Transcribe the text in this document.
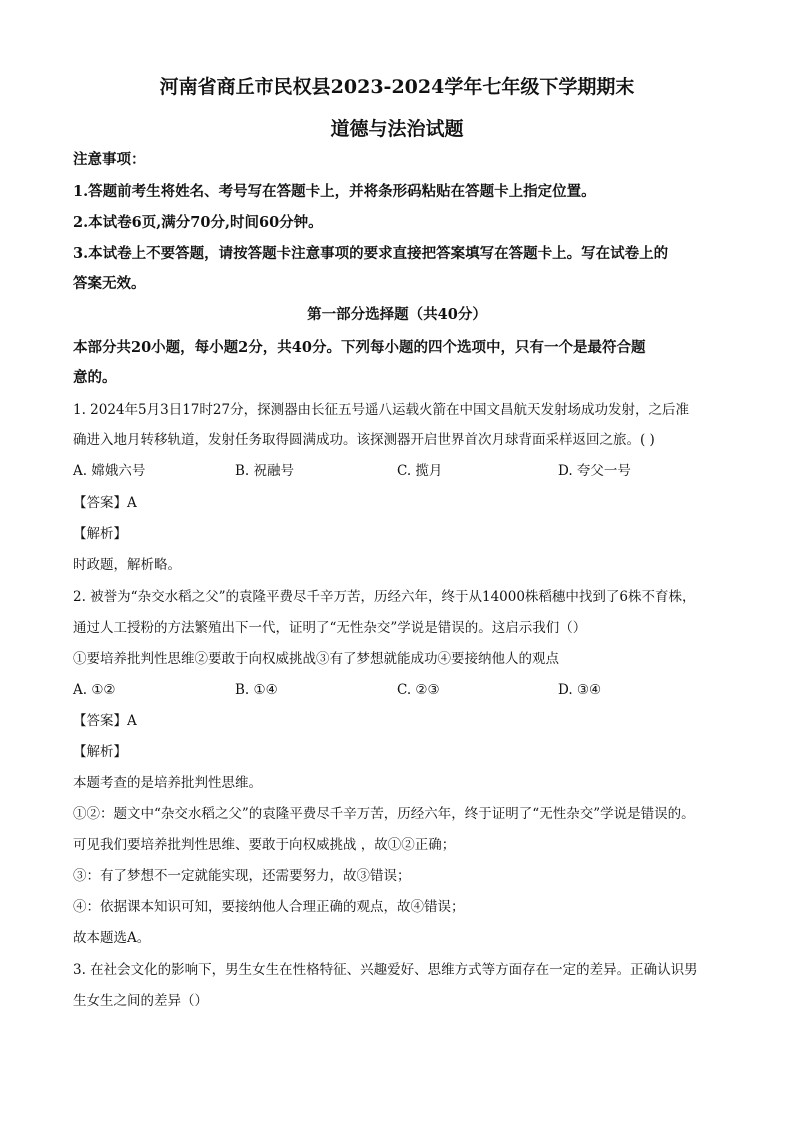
河南省商丘市民权县2023-2024学年七年级下学期期末
道德与法治试题
注意事项：
1.答题前考生将姓名、考号写在答题卡上，并将条形码粘贴在答题卡上指定位置。
2.本试卷6页,满分70分,时间60分钟。
3.本试卷上不要答题，请按答题卡注意事项的要求直接把答案填写在答题卡上。写在试卷上的
答案无效。
第一部分选择题（共40分）
本部分共20小题，每小题2分，共40分。下列每小题的四个选项中，只有一个是最符合题
意的。
1. 2024年5月3日17时27分，探测器由长征五号遥八运载火箭在中国文昌航天发射场成功发射，之后准
确进入地月转移轨道，发射任务取得圆满成功。该探测器开启世界首次月球背面采样返回之旅。( )
A. 嫦娥六号	B. 祝融号	C. 揽月	D. 夸父一号
【答案】A
【解析】
时政题，解析略。
2. 被誉为“杂交水稻之父”的袁隆平费尽千辛万苦，历经六年，终于从14000株稻穗中找到了6株不育株，
通过人工授粉的方法繁殖出下一代，证明了“无性杂交”学说是错误的。这启示我们（）
①要培养批判性思维②要敢于向权威挑战③有了梦想就能成功④要接纳他人的观点
A. ①②	B. ①④	C. ②③	D. ③④
【答案】A
【解析】
本题考查的是培养批判性思维。
①②：题文中“杂交水稻之父”的袁隆平费尽千辛万苦，历经六年，终于证明了“无性杂交”学说是错误的。
可见我们要培养批判性思维、要敢于向权威挑战 ，故①②正确；
③：有了梦想不一定就能实现，还需要努力，故③错误；
④：依据课本知识可知，要接纳他人合理正确的观点，故④错误；
故本题选A。
3. 在社会文化的影响下，男生女生在性格特征、兴趣爱好、思维方式等方面存在一定的差异。正确认识男
生女生之间的差异（）
